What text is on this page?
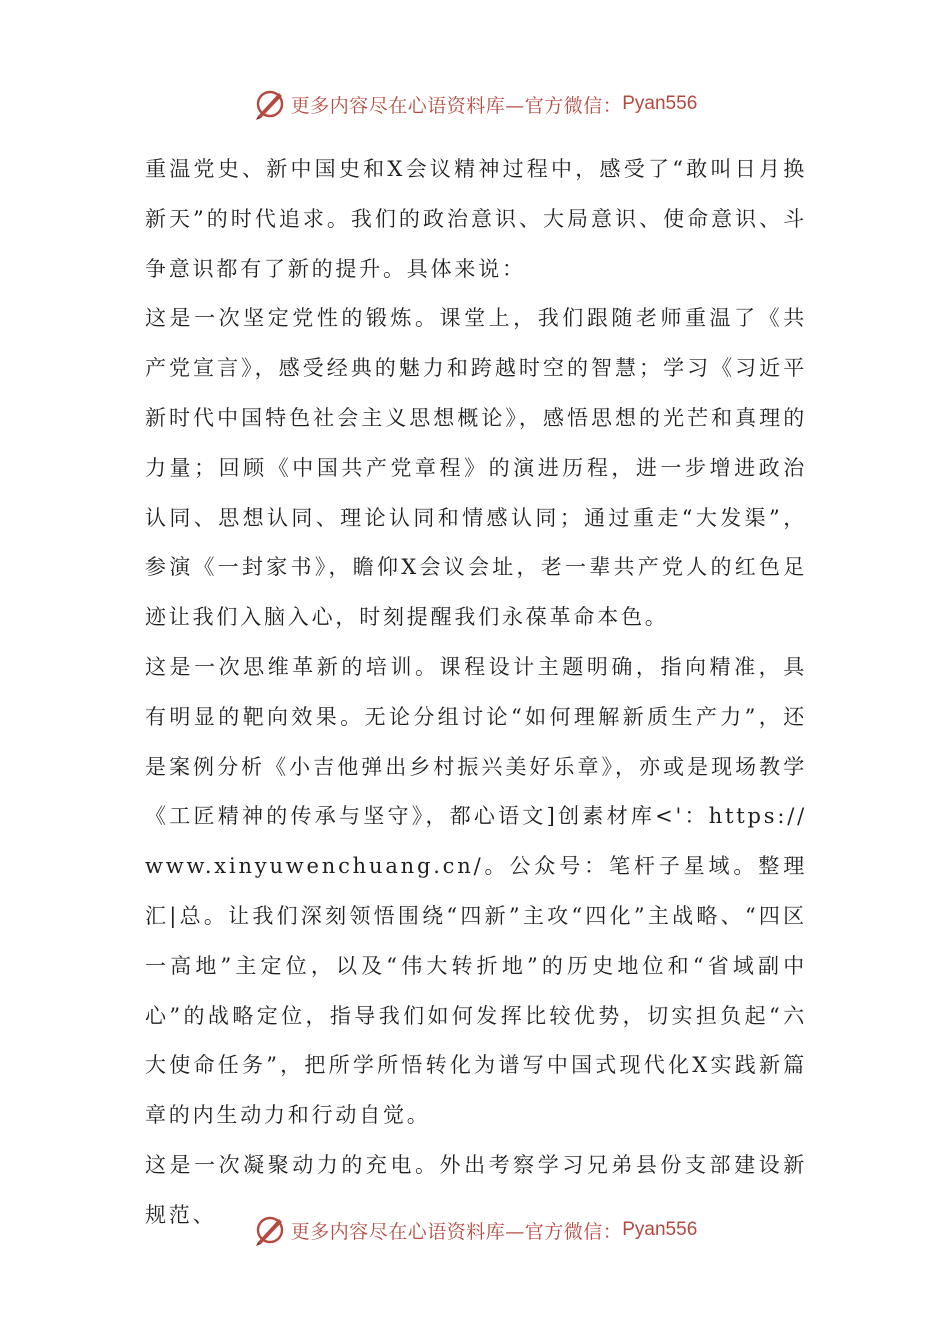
更多内容尽在心语资料库—官方微信： Pyan556

重温党史、新中国史和X会议精神过程中，感受了“敢叫日月换新天”的时代追求。我们的政治意识、大局意识、使命意识、斗争意识都有了新的提升。具体来说：

这是一次坚定党性的锻炼。课堂上，我们跟随老师重温了《共产党宣言》，感受经典的魅力和跨越时空的智慧；学习《习近平新时代中国特色社会主义思想概论》，感悟思想的光芒和真理的力量；回顾《中国共产党章程》的演进历程，进一步增进政治认同、思想认同、理论认同和情感认同；通过重走“大发渠”，参演《一封家书》，瞻仰X会议会址，老一辈共产党人的红色足迹让我们入脑入心，时刻提醒我们永葆革命本色。

这是一次思维革新的培训。课程设计主题明确，指向精准，具有明显的靶向效果。无论分组讨论“如何理解新质生产力”，还是案例分析《小吉他弹出乡村振兴美好乐章》，亦或是现场教学《工匠精神的传承与坚守》，都心语文]创素材库<'：https://www.xinyuwenchuang.cn/。公众号：笔杆子星域。整理汇|总。让我们深刻领悟围绕“四新”主攻“四化”主战略、“四区一高地”主定位，以及“伟大转折地”的历史地位和“省域副中心”的战略定位，指导我们如何发挥比较优势，切实担负起“六大使命任务”，把所学所悟转化为谱写中国式现代化X实践新篇章的内生动力和行动自觉。

这是一次凝聚动力的充电。外出考察学习兄弟县份支部建设新规范、

更多内容尽在心语资料库—官方微信： Pyan556
